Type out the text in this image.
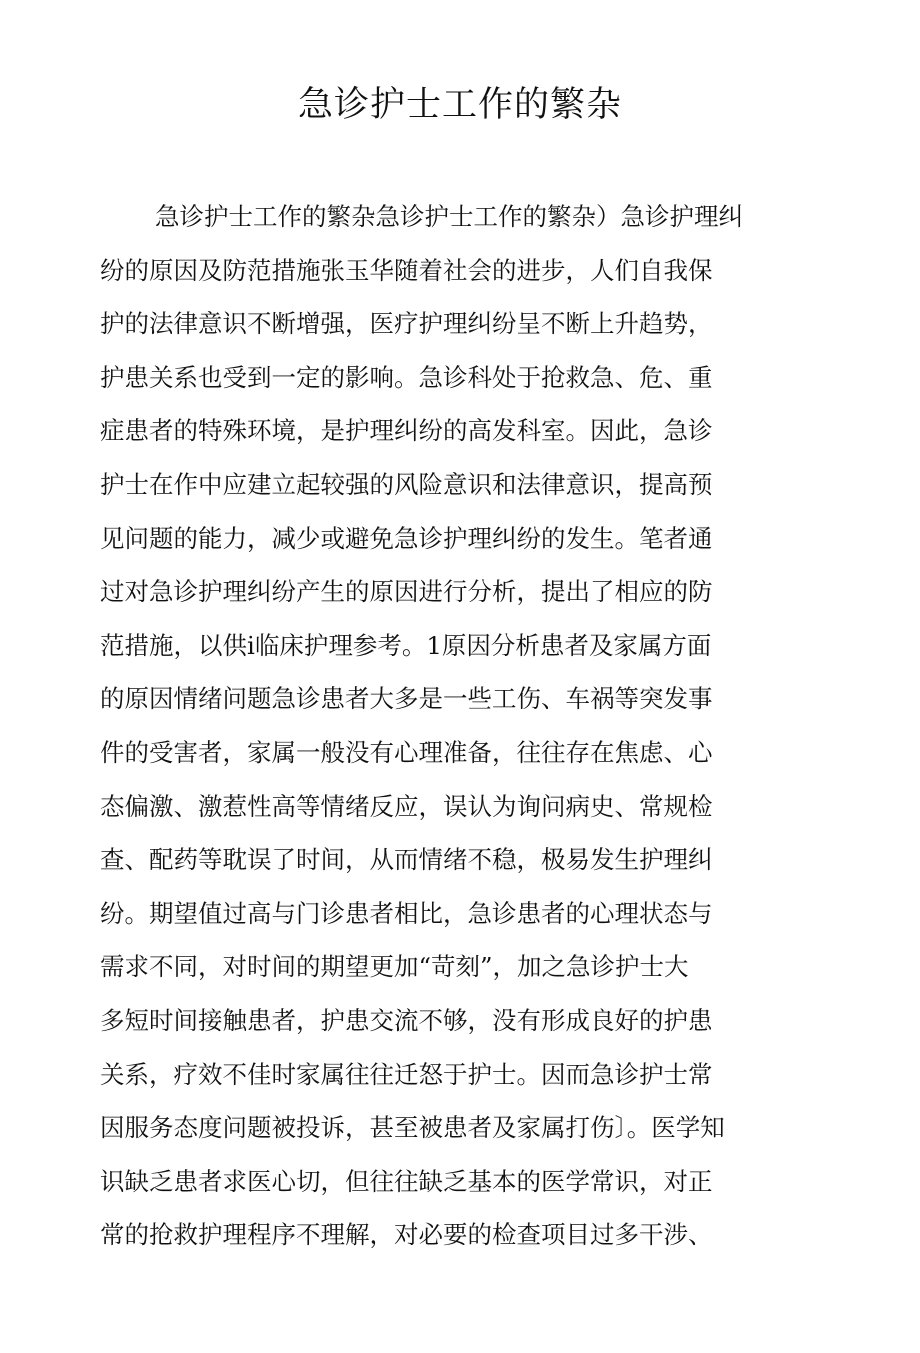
急诊护士工作的繁杂
急诊护士工作的繁杂急诊护士工作的繁杂）急诊护理纠
纷的原因及防范措施张玉华随着社会的进步，人们自我保
护的法律意识不断增强，医疗护理纠纷呈不断上升趋势，
护患关系也受到一定的影响。急诊科处于抢救急、危、重
症患者的特殊环境，是护理纠纷的高发科室。因此，急诊
护士在作中应建立起较强的风险意识和法律意识，提高预
见问题的能力，减少或避免急诊护理纠纷的发生。笔者通
过对急诊护理纠纷产生的原因进行分析，提出了相应的防
范措施，以供i临床护理参考。1原因分析患者及家属方面
的原因情绪问题急诊患者大多是一些工伤、车祸等突发事
件的受害者，家属一般没有心理准备，往往存在焦虑、心
态偏激、激惹性高等情绪反应，误认为询问病史、常规检
查、配药等耽误了时间，从而情绪不稳，极易发生护理纠
纷。期望值过高与门诊患者相比，急诊患者的心理状态与
需求不同，对时间的期望更加“苛刻”，加之急诊护士大
多短时间接触患者，护患交流不够，没有形成良好的护患
关系，疗效不佳时家属往往迁怒于护士。因而急诊护士常
因服务态度问题被投诉，甚至被患者及家属打伤〕。医学知
识缺乏患者求医心切，但往往缺乏基本的医学常识，对正
常的抢救护理程序不理解，对必要的检查项目过多干涉、
